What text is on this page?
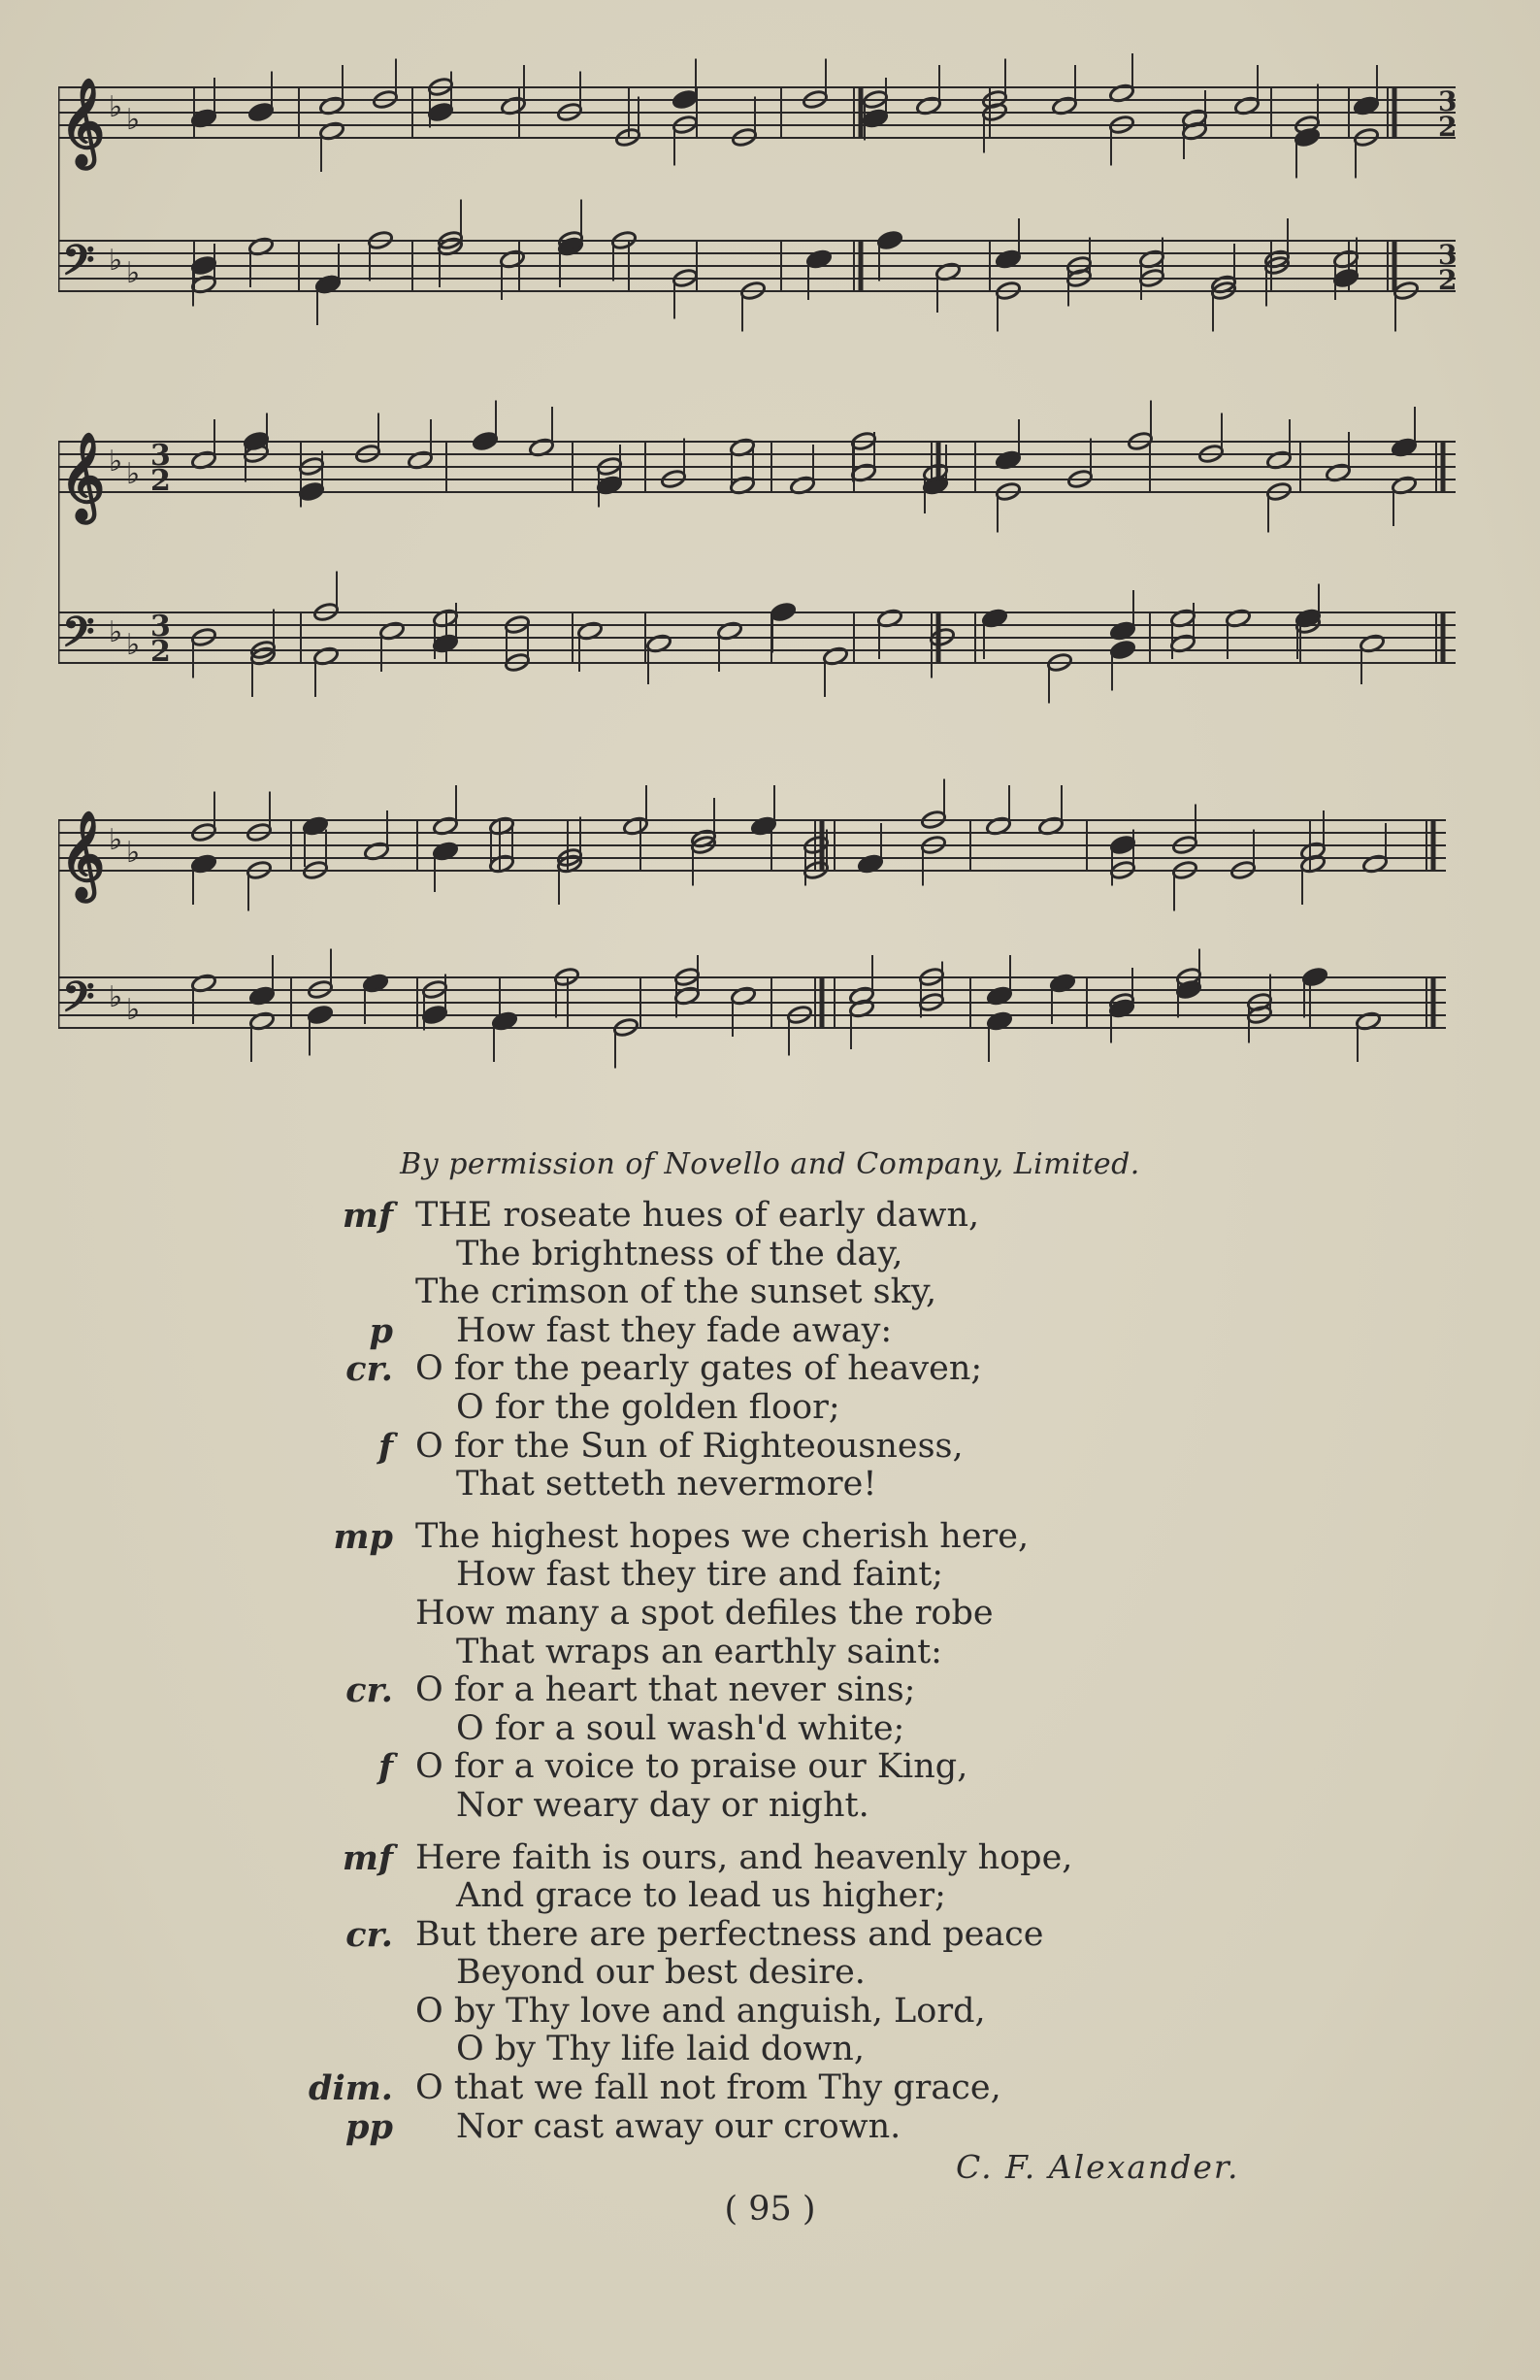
𝄞 ♭ ♭
𝄢 ♭ ♭
3
2
3
2
𝄞 ♭ ♭
3
2
𝄢 ♭ ♭
3
2
𝄞 ♭ ♭
𝄢 ♭ ♭
By permission of Novello and Company, Limited.
mf THE roseate hues of early dawn,
The brightness of the day,
The crimson of the sunset sky,
p How fast they fade away:
cr. O for the pearly gates of heaven;
O for the golden floor;
f O for the Sun of Righteousness,
That setteth nevermore!
mp The highest hopes we cherish here,
How fast they tire and faint;
How many a spot defiles the robe
That wraps an earthly saint:
cr. O for a heart that never sins;
O for a soul wash'd white;
f O for a voice to praise our King,
Nor weary day or night.
mf Here faith is ours, and heavenly hope,
And grace to lead us higher;
cr. But there are perfectness and peace
Beyond our best desire.
O by Thy love and anguish, Lord,
O by Thy life laid down,
dim. O that we fall not from Thy grace,
pp Nor cast away our crown.
C. F. Alexander.
( 95 )
